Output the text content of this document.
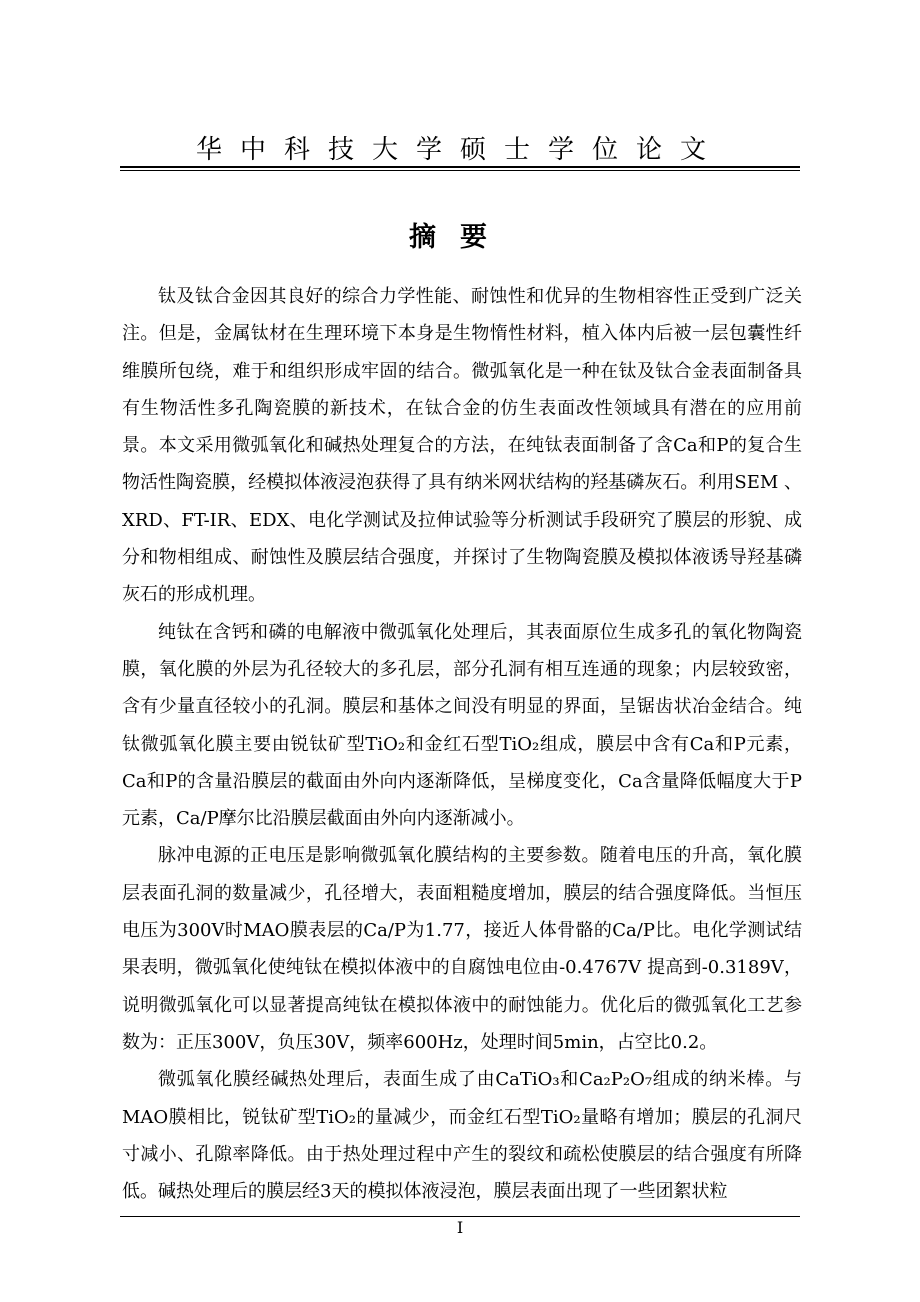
华中科技大学硕士学位论文
摘要

钛及钛合金因其良好的综合力学性能、耐蚀性和优异的生物相容性正受到广泛关注。但是，金属钛材在生理环境下本身是生物惰性材料，植入体内后被一层包囊性纤维膜所包绕，难于和组织形成牢固的结合。微弧氧化是一种在钛及钛合金表面制备具有生物活性多孔陶瓷膜的新技术，在钛合金的仿生表面改性领域具有潜在的应用前景。本文采用微弧氧化和碱热处理复合的方法，在纯钛表面制备了含Ca和P的复合生物活性陶瓷膜，经模拟体液浸泡获得了具有纳米网状结构的羟基磷灰石。利用SEM 、XRD、FT-IR、EDX、电化学测试及拉伸试验等分析测试手段研究了膜层的形貌、成分和物相组成、耐蚀性及膜层结合强度，并探讨了生物陶瓷膜及模拟体液诱导羟基磷灰石的形成机理。

纯钛在含钙和磷的电解液中微弧氧化处理后，其表面原位生成多孔的氧化物陶瓷膜，氧化膜的外层为孔径较大的多孔层，部分孔洞有相互连通的现象；内层较致密，含有少量直径较小的孔洞。膜层和基体之间没有明显的界面，呈锯齿状冶金结合。纯钛微弧氧化膜主要由锐钛矿型TiO₂和金红石型TiO₂组成，膜层中含有Ca和P元素，Ca和P的含量沿膜层的截面由外向内逐渐降低，呈梯度变化，Ca含量降低幅度大于P元素，Ca/P摩尔比沿膜层截面由外向内逐渐减小。

脉冲电源的正电压是影响微弧氧化膜结构的主要参数。随着电压的升高，氧化膜层表面孔洞的数量减少，孔径增大，表面粗糙度增加，膜层的结合强度降低。当恒压电压为300V时MAO膜表层的Ca/P为1.77，接近人体骨骼的Ca/P比。电化学测试结果表明，微弧氧化使纯钛在模拟体液中的自腐蚀电位由-0.4767V 提高到-0.3189V，说明微弧氧化可以显著提高纯钛在模拟体液中的耐蚀能力。优化后的微弧氧化工艺参数为：正压300V，负压30V，频率600Hz，处理时间5min，占空比0.2。

微弧氧化膜经碱热处理后，表面生成了由CaTiO₃和Ca₂P₂O₇组成的纳米棒。与MAO膜相比，锐钛矿型TiO₂的量减少，而金红石型TiO₂量略有增加；膜层的孔洞尺寸减小、孔隙率降低。由于热处理过程中产生的裂纹和疏松使膜层的结合强度有所降低。碱热处理后的膜层经3天的模拟体液浸泡，膜层表面出现了一些团絮状粒

I
